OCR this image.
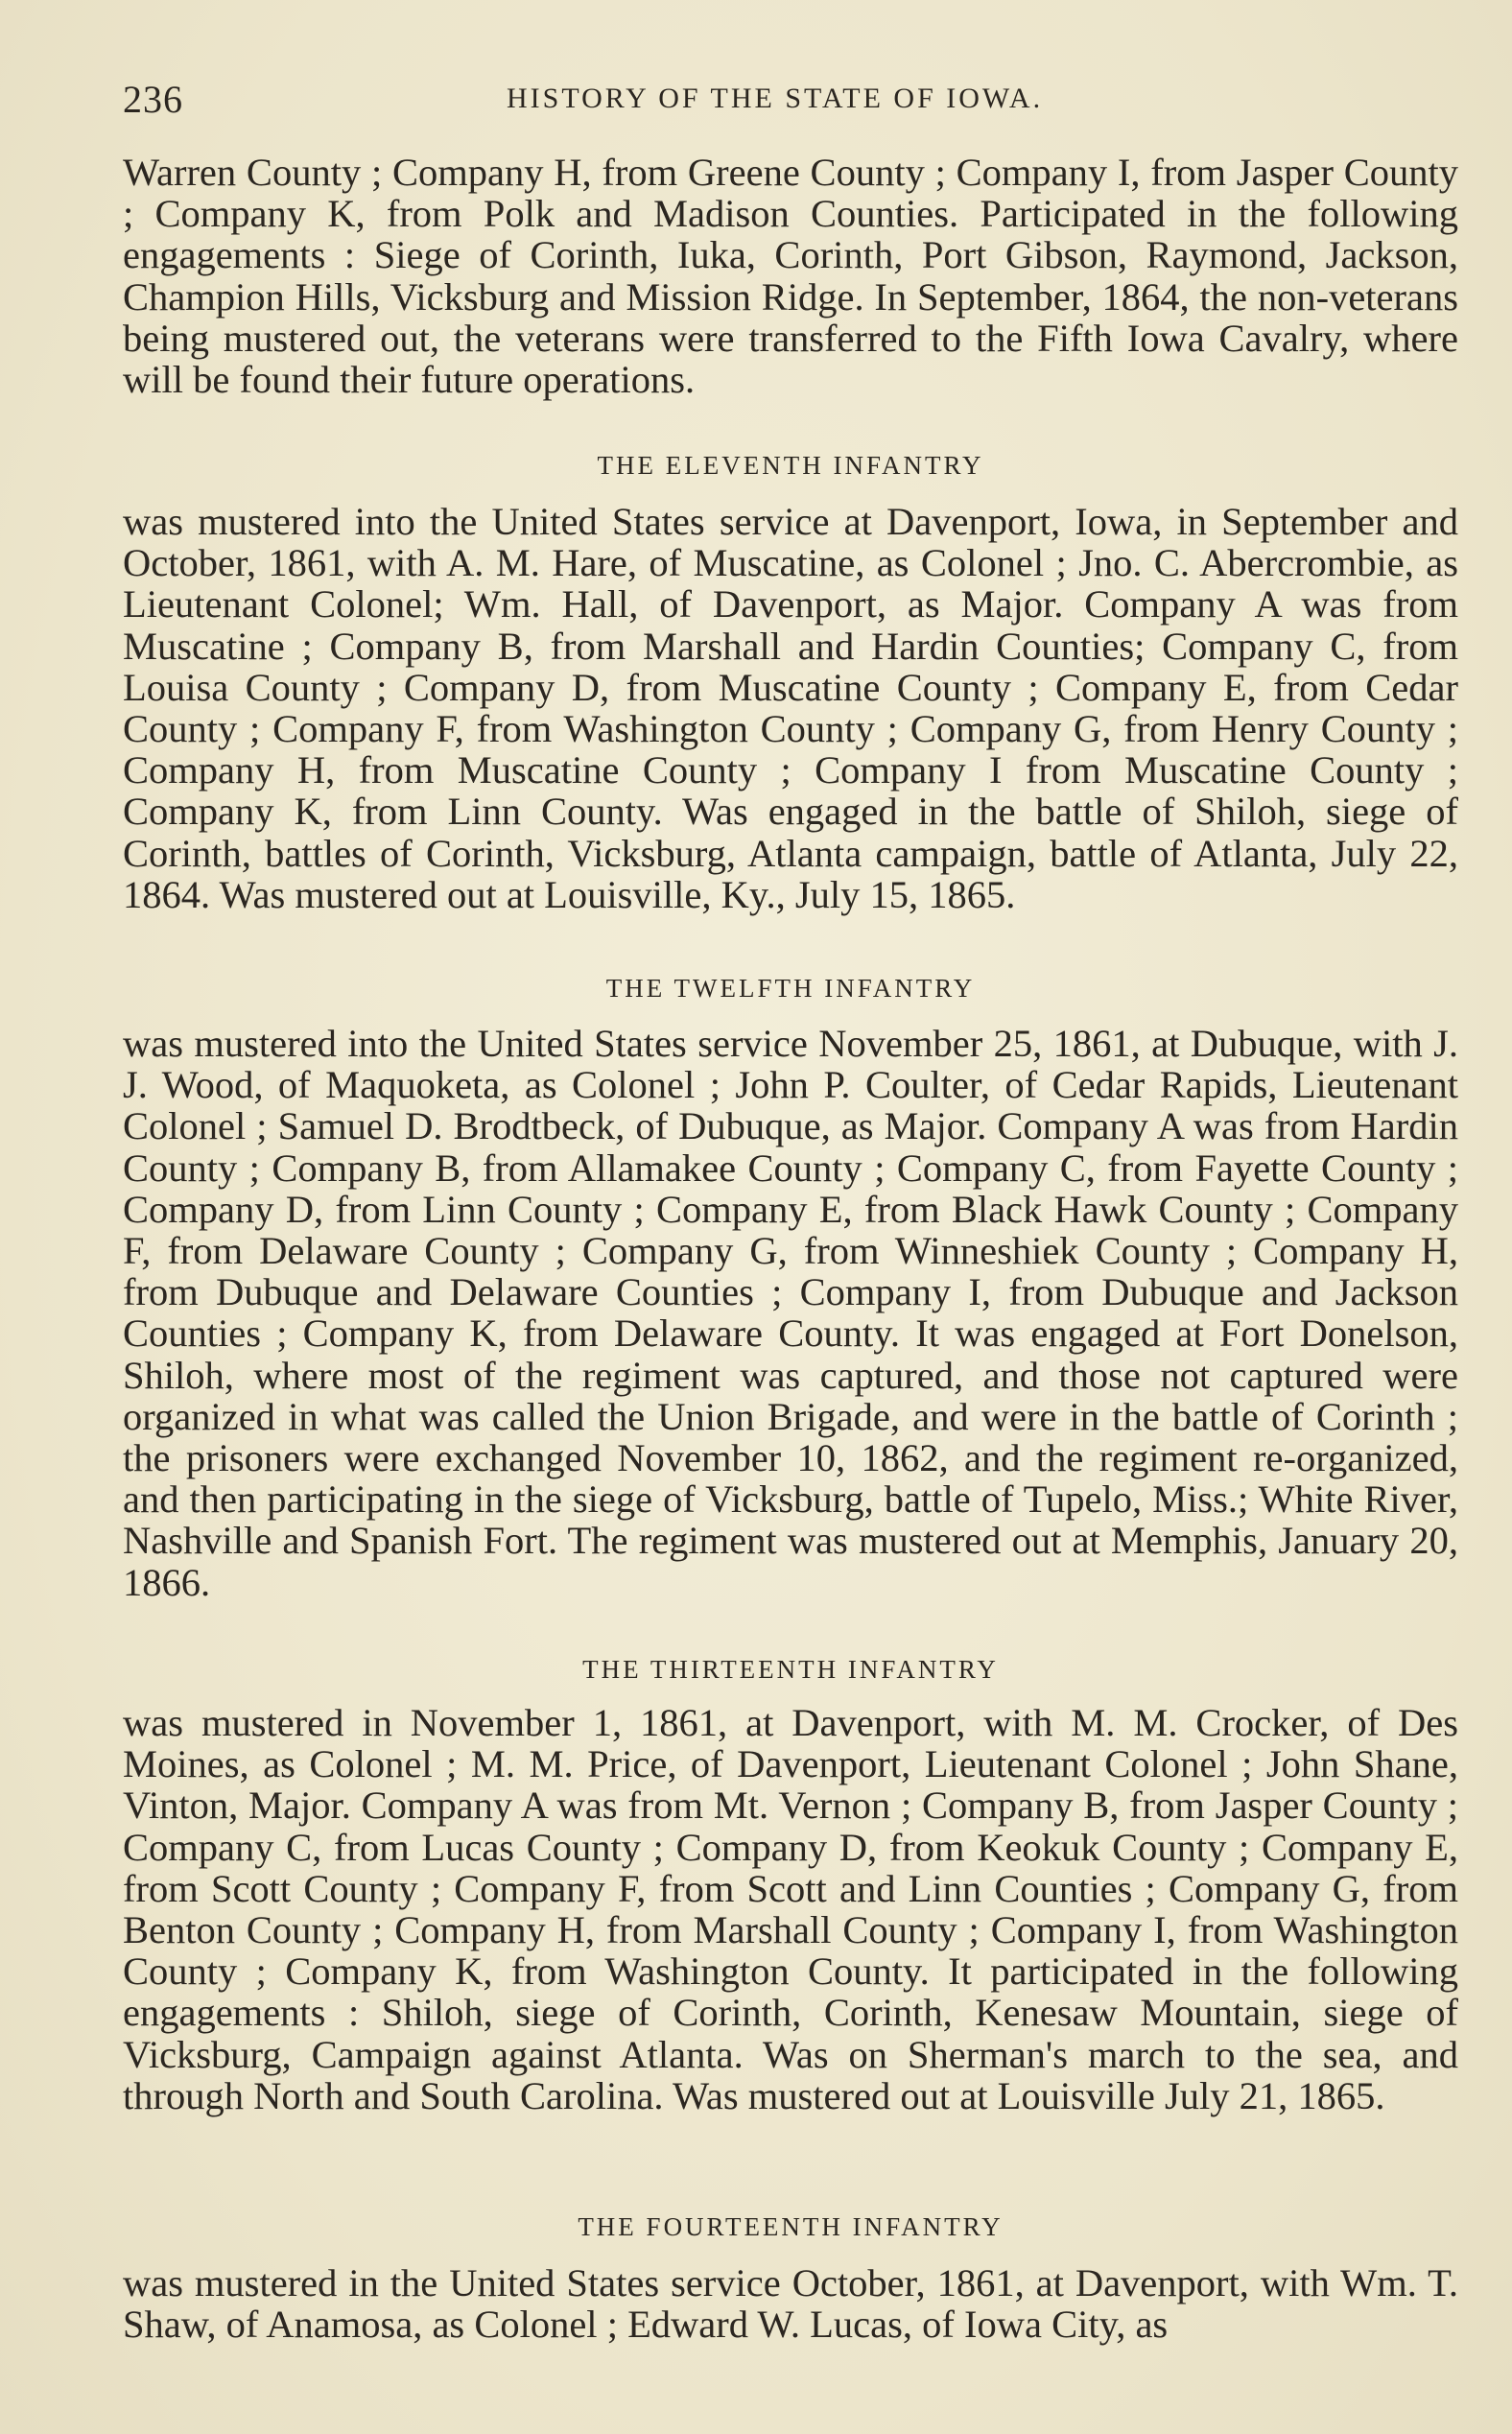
236	HISTORY OF THE STATE OF IOWA.

Warren County ; Company H, from Greene County ; Company I, from Jasper County ; Company K, from Polk and Madison Counties. Participated in the following engagements : Siege of Corinth, Iuka, Corinth, Port Gibson, Raymond, Jackson, Champion Hills, Vicksburg and Mission Ridge. In September, 1864, the non-veterans being mustered out, the veterans were transferred to the Fifth Iowa Cavalry, where will be found their future operations.

THE ELEVENTH INFANTRY

was mustered into the United States service at Davenport, Iowa, in September and October, 1861, with A. M. Hare, of Muscatine, as Colonel ; Jno. C. Abercrombie, as Lieutenant Colonel; Wm. Hall, of Davenport, as Major. Company A was from Muscatine ; Company B, from Marshall and Hardin Counties; Company C, from Louisa County ; Company D, from Muscatine County ; Company E, from Cedar County ; Company F, from Washington County ; Company G, from Henry County ; Company H, from Muscatine County ; Company I from Muscatine County ; Company K, from Linn County. Was engaged in the battle of Shiloh, siege of Corinth, battles of Corinth, Vicksburg, Atlanta campaign, battle of Atlanta, July 22, 1864. Was mustered out at Louisville, Ky., July 15, 1865.

THE TWELFTH INFANTRY

was mustered into the United States service November 25, 1861, at Dubuque, with J. J. Wood, of Maquoketa, as Colonel ; John P. Coulter, of Cedar Rapids, Lieutenant Colonel ; Samuel D. Brodtbeck, of Dubuque, as Major. Company A was from Hardin County ; Company B, from Allamakee County ; Company C, from Fayette County ; Company D, from Linn County ; Company E, from Black Hawk County ; Company F, from Delaware County ; Company G, from Winneshiek County ; Company H, from Dubuque and Delaware Counties ; Company I, from Dubuque and Jackson Counties ; Company K, from Delaware County. It was engaged at Fort Donelson, Shiloh, where most of the regiment was captured, and those not captured were organized in what was called the Union Brigade, and were in the battle of Corinth ; the prisoners were exchanged November 10, 1862, and the regiment re-organized, and then participating in the siege of Vicksburg, battle of Tupelo, Miss.; White River, Nashville and Spanish Fort. The regiment was mustered out at Memphis, January 20, 1866.

THE THIRTEENTH INFANTRY

was mustered in November 1, 1861, at Davenport, with M. M. Crocker, of Des Moines, as Colonel ; M. M. Price, of Davenport, Lieutenant Colonel ; John Shane, Vinton, Major. Company A was from Mt. Vernon ; Company B, from Jasper County ; Company C, from Lucas County ; Company D, from Keokuk County ; Company E, from Scott County ; Company F, from Scott and Linn Counties ; Company G, from Benton County ; Company H, from Marshall County ; Company I, from Washington County ; Company K, from Washington County. It participated in the following engagements : Shiloh, siege of Corinth, Corinth, Kenesaw Mountain, siege of Vicksburg, Campaign against Atlanta. Was on Sherman's march to the sea, and through North and South Carolina. Was mustered out at Louisville July 21, 1865.

THE FOURTEENTH INFANTRY

was mustered in the United States service October, 1861, at Davenport, with Wm. T. Shaw, of Anamosa, as Colonel ; Edward W. Lucas, of Iowa City, as
